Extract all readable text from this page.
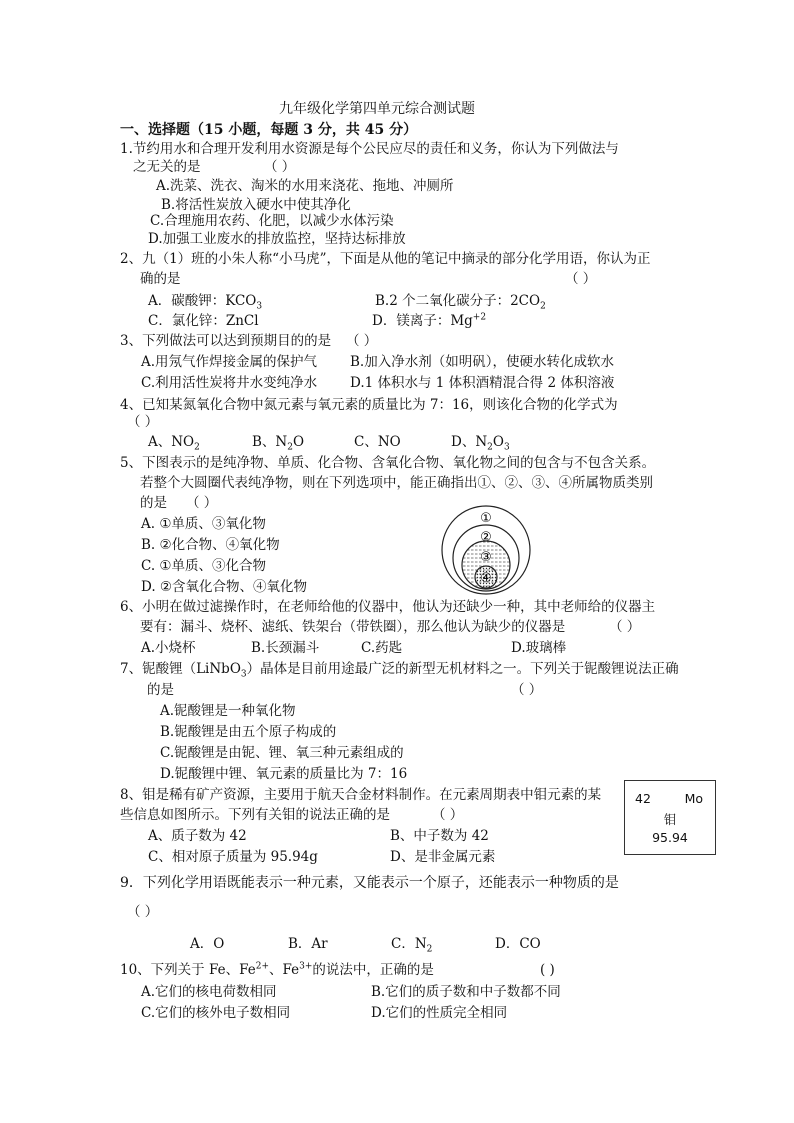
九年级化学第四单元综合测试题
一、选择题（15 小题，每题 3 分，共 45 分）
1.节约用水和合理开发利用水资源是每个公民应尽的责任和义务，你认为下列做法与
之无关的是	（ ）
A.洗菜、洗衣、淘米的水用来浇花、拖地、冲厕所
B.将活性炭放入硬水中使其净化
C.合理施用农药、化肥，以减少水体污染
D.加强工业废水的排放监控，坚持达标排放
2、九（1）班的小朱人称“小马虎”，下面是从他的笔记中摘录的部分化学用语，你认为正
确的是	（ ）
A．碳酸钾：$KCO_3$	B.2 个二氧化碳分子：$2CO_2$
C．氯化锌：ZnCl	D．镁离子：$Mg^{+2}$
3、下列做法可以达到预期目的的是 （ ）
A.用氖气作焊接金属的保护气 B.加入净水剂（如明矾），使硬水转化成软水
C.利用活性炭将井水变纯净水 D.1 体积水与 1 体积酒精混合得 2 体积溶液
4、已知某氮氧化合物中氮元素与氧元素的质量比为 7：16，则该化合物的化学式为
（ ）
A、$NO_2$	B、$N_2O$	C、NO	D、$N_2O_3$
5、下图表示的是纯净物、单质、化合物、含氧化合物、氧化物之间的包含与不包含关系。
若整个大圆圈代表纯净物，则在下列选项中，能正确指出①、②、③、④所属物质类别
的是 （ ）
A. ①单质、③氧化物
B. ②化合物、④氧化物
C. ①单质、③化合物
D. ②含氧化合物、④氧化物
①
②
③
④
6、小明在做过滤操作时，在老师给他的仪器中，他认为还缺少一种，其中老师给的仪器主
要有：漏斗、烧杯、滤纸、铁架台（带铁圈），那么他认为缺少的仪器是	（ ）
A.小烧杯	B.长颈漏斗	C.药匙	D.玻璃棒
7、铌酸锂（LiNbO$_3$）晶体是目前用途最广泛的新型无机材料之一。下列关于铌酸锂说法正确
的是	（ ）
A.铌酸锂是一种氧化物
B.铌酸锂是由五个原子构成的
C.铌酸锂是由铌、锂、氧三种元素组成的
D.铌酸锂中锂、氧元素的质量比为 7：16
8、钼是稀有矿产资源，主要用于航天合金材料制作。在元素周期表中钼元素的某
些信息如图所示。下列有关钼的说法正确的是	（ ）
A、质子数为 42	B、中子数为 42
C、相对原子质量为 95.94g	D、是非金属元素
42	Mo
钼
95.94
9．下列化学用语既能表示一种元素，又能表示一个原子，还能表示一种物质的是
（ ）
A．O	B．Ar	C．$N_2$	D．CO
10、下列关于 Fe、$Fe^{2+}$、$Fe^{3+}$的说法中，正确的是	( )
A.它们的核电荷数相同	B.它们的质子数和中子数都不同
C.它们的核外电子数相同	D.它们的性质完全相同
